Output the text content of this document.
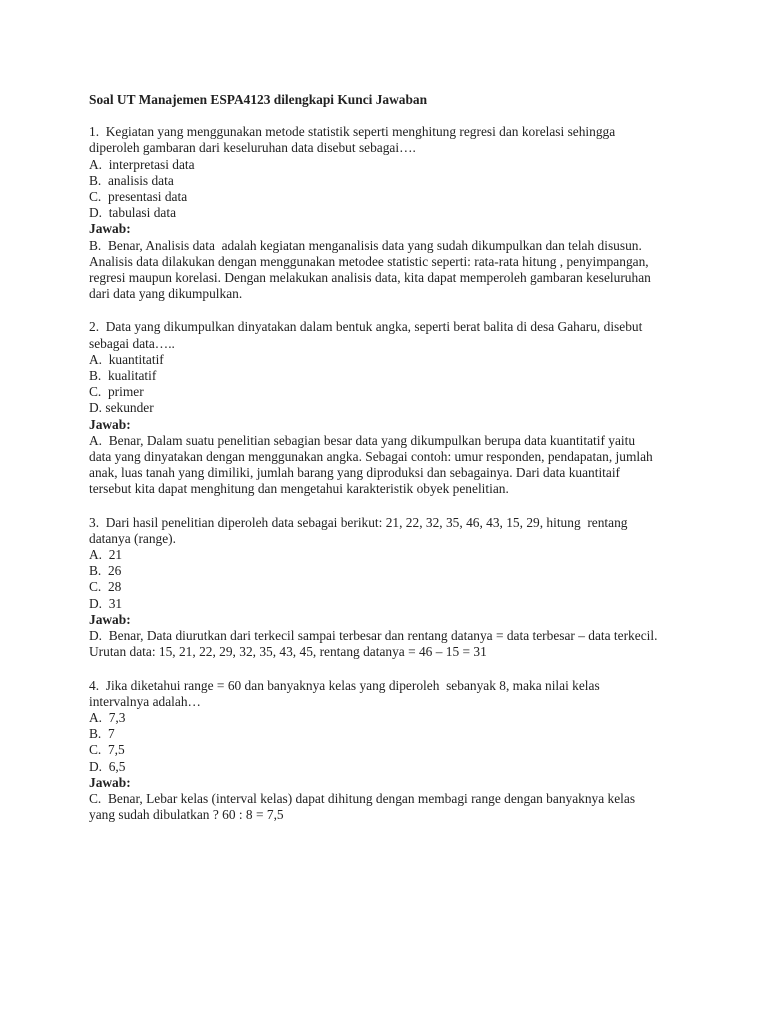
Soal UT Manajemen ESPA4123 dilengkapi Kunci Jawaban
1.  Kegiatan yang menggunakan metode statistik seperti menghitung regresi dan korelasi sehingga
diperoleh gambaran dari keseluruhan data disebut sebagai….
A.  interpretasi data
B.  analisis data
C.  presentasi data
D.  tabulasi data
Jawab:
B.  Benar, Analisis data  adalah kegiatan menganalisis data yang sudah dikumpulkan dan telah disusun.
Analisis data dilakukan dengan menggunakan metodee statistic seperti: rata-rata hitung , penyimpangan,
regresi maupun korelasi. Dengan melakukan analisis data, kita dapat memperoleh gambaran keseluruhan
dari data yang dikumpulkan.
2.  Data yang dikumpulkan dinyatakan dalam bentuk angka, seperti berat balita di desa Gaharu, disebut
sebagai data…..
A.  kuantitatif
B.  kualitatif
C.  primer
D. sekunder
Jawab:
A.  Benar, Dalam suatu penelitian sebagian besar data yang dikumpulkan berupa data kuantitatif yaitu
data yang dinyatakan dengan menggunakan angka. Sebagai contoh: umur responden, pendapatan, jumlah
anak, luas tanah yang dimiliki, jumlah barang yang diproduksi dan sebagainya. Dari data kuantitaif
tersebut kita dapat menghitung dan mengetahui karakteristik obyek penelitian.
3.  Dari hasil penelitian diperoleh data sebagai berikut: 21, 22, 32, 35, 46, 43, 15, 29, hitung  rentang
datanya (range).
A.  21
B.  26
C.  28
D.  31
Jawab:
D.  Benar, Data diurutkan dari terkecil sampai terbesar dan rentang datanya = data terbesar – data terkecil.
Urutan data: 15, 21, 22, 29, 32, 35, 43, 45, rentang datanya = 46 – 15 = 31
4.  Jika diketahui range = 60 dan banyaknya kelas yang diperoleh  sebanyak 8, maka nilai kelas
intervalnya adalah…
A.  7,3
B.  7
C.  7,5
D.  6,5
Jawab:
C.  Benar, Lebar kelas (interval kelas) dapat dihitung dengan membagi range dengan banyaknya kelas
yang sudah dibulatkan ? 60 : 8 = 7,5
